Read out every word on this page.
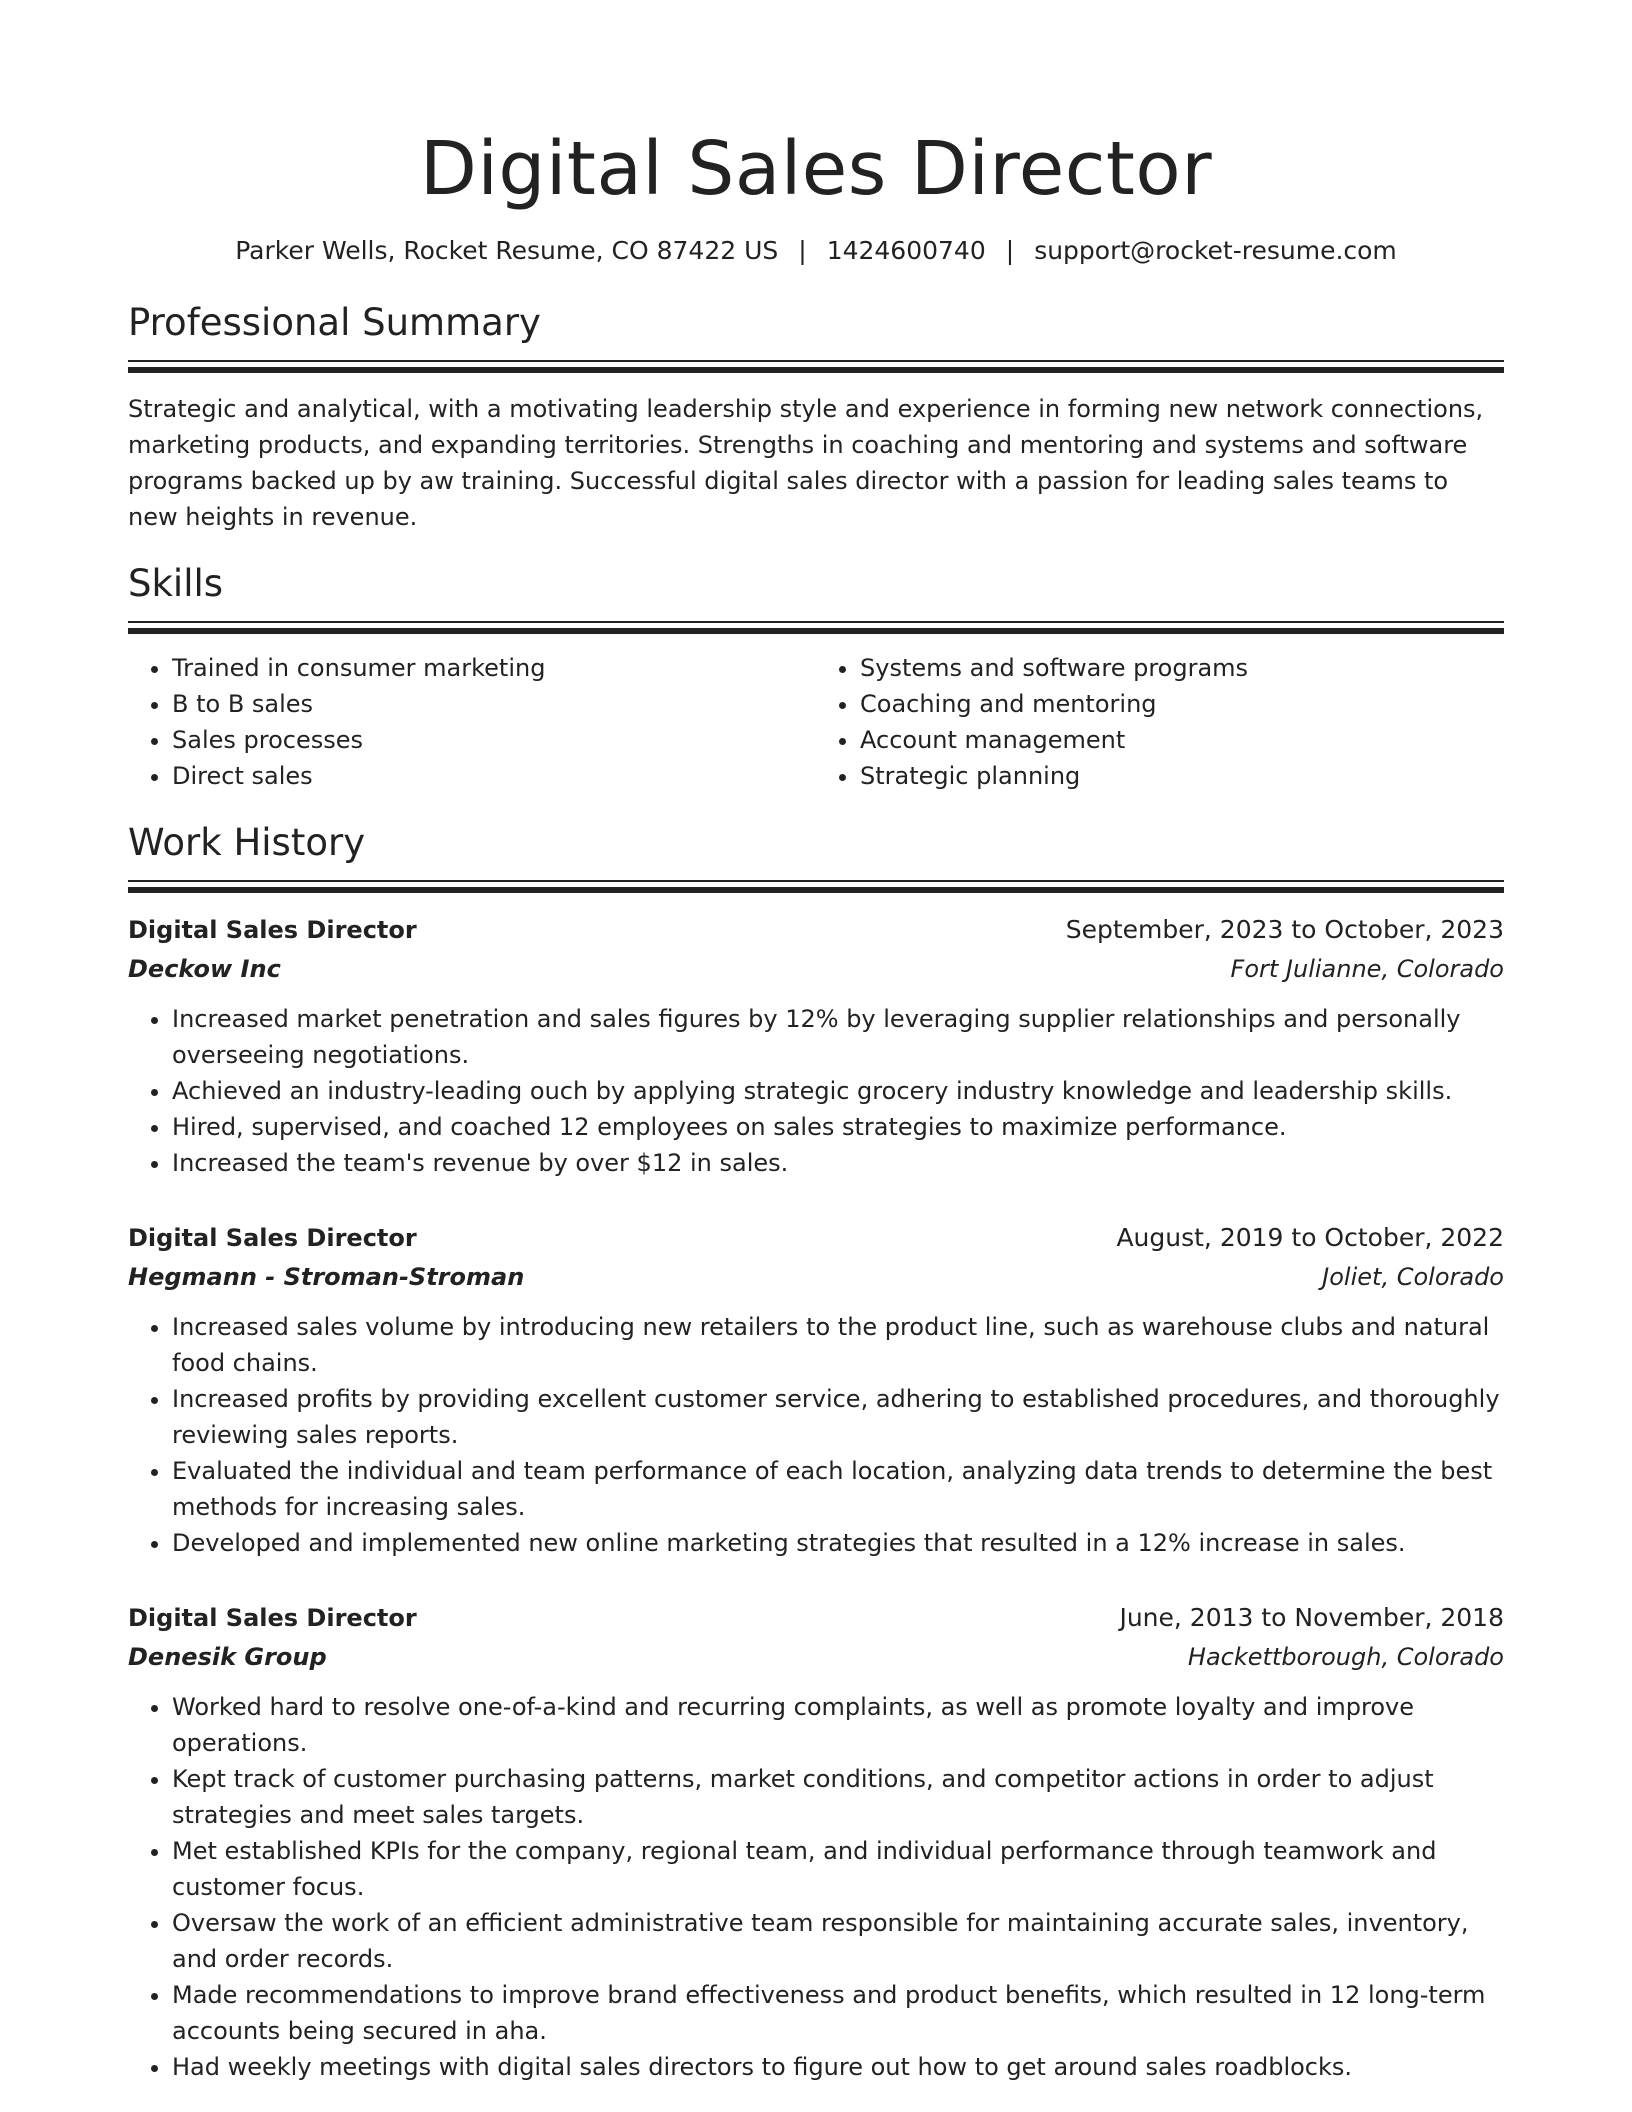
Digital Sales Director
Parker Wells, Rocket Resume, CO 87422 US | 1424600740 | support@rocket-resume.com
Professional Summary

Strategic and analytical, with a motivating leadership style and experience in forming new network connections, marketing products, and expanding territories. Strengths in coaching and mentoring and systems and software programs backed up by aw training. Successful digital sales director with a passion for leading sales teams to new heights in revenue.

Skills
• Trained in consumer marketing
• B to B sales
• Sales processes
• Direct sales
• Systems and software programs
• Coaching and mentoring
• Account management
• Strategic planning
Work History
Digital Sales Director	September, 2023 to October, 2023
Deckow Inc	Fort Julianne, Colorado
• Increased market penetration and sales figures by 12% by leveraging supplier relationships and personally overseeing negotiations.
• Achieved an industry-leading ouch by applying strategic grocery industry knowledge and leadership skills.
• Hired, supervised, and coached 12 employees on sales strategies to maximize performance.
• Increased the team's revenue by over $12 in sales.
Digital Sales Director	August, 2019 to October, 2022
Hegmann - Stroman-Stroman	Joliet, Colorado
• Increased sales volume by introducing new retailers to the product line, such as warehouse clubs and natural food chains.
• Increased profits by providing excellent customer service, adhering to established procedures, and thoroughly reviewing sales reports.
• Evaluated the individual and team performance of each location, analyzing data trends to determine the best methods for increasing sales.
• Developed and implemented new online marketing strategies that resulted in a 12% increase in sales.
Digital Sales Director	June, 2013 to November, 2018
Denesik Group	Hackettborough, Colorado
• Worked hard to resolve one-of-a-kind and recurring complaints, as well as promote loyalty and improve operations.
• Kept track of customer purchasing patterns, market conditions, and competitor actions in order to adjust strategies and meet sales targets.
• Met established KPIs for the company, regional team, and individual performance through teamwork and customer focus.
• Oversaw the work of an efficient administrative team responsible for maintaining accurate sales, inventory, and order records.
• Made recommendations to improve brand effectiveness and product benefits, which resulted in 12 long-term accounts being secured in aha.
• Had weekly meetings with digital sales directors to figure out how to get around sales roadblocks.
